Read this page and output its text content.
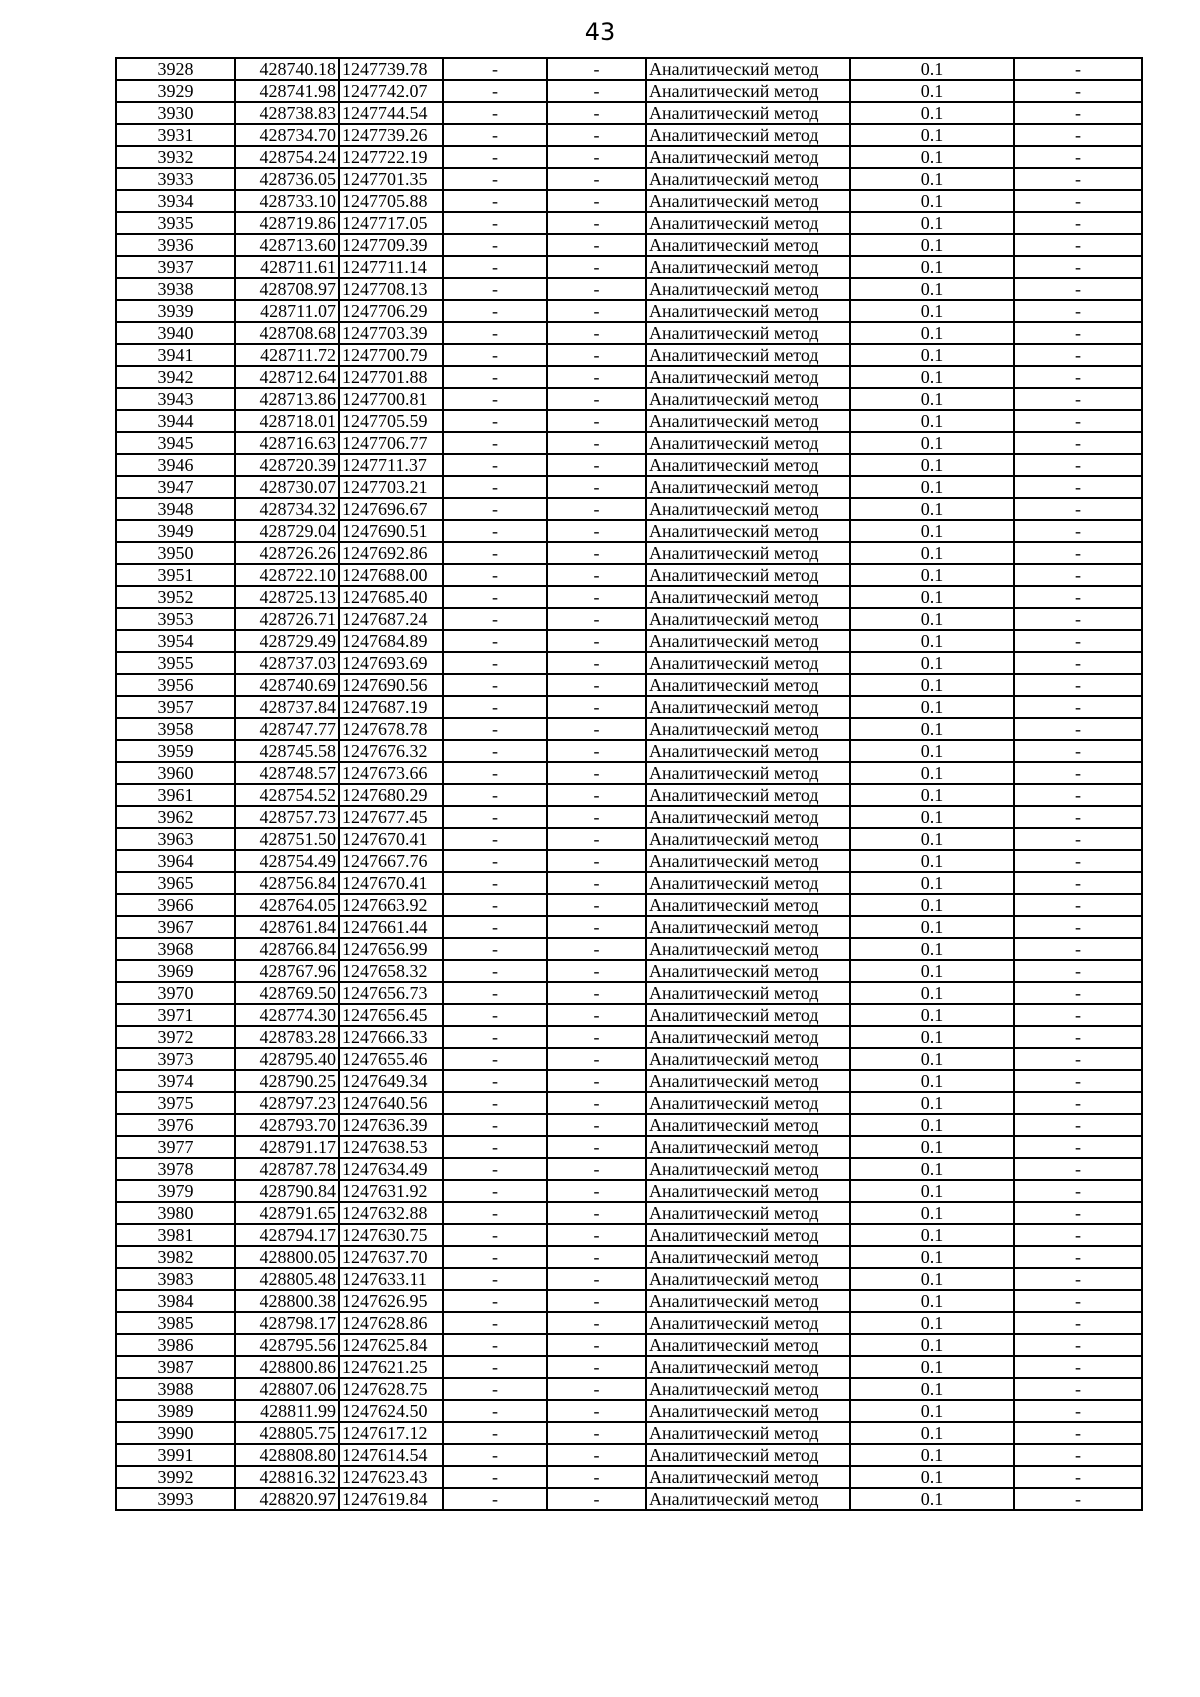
43
3928	428740.18	1247739.78	-	-	Аналитический метод	0.1	-
3929	428741.98	1247742.07	-	-	Аналитический метод	0.1	-
3930	428738.83	1247744.54	-	-	Аналитический метод	0.1	-
3931	428734.70	1247739.26	-	-	Аналитический метод	0.1	-
3932	428754.24	1247722.19	-	-	Аналитический метод	0.1	-
3933	428736.05	1247701.35	-	-	Аналитический метод	0.1	-
3934	428733.10	1247705.88	-	-	Аналитический метод	0.1	-
3935	428719.86	1247717.05	-	-	Аналитический метод	0.1	-
3936	428713.60	1247709.39	-	-	Аналитический метод	0.1	-
3937	428711.61	1247711.14	-	-	Аналитический метод	0.1	-
3938	428708.97	1247708.13	-	-	Аналитический метод	0.1	-
3939	428711.07	1247706.29	-	-	Аналитический метод	0.1	-
3940	428708.68	1247703.39	-	-	Аналитический метод	0.1	-
3941	428711.72	1247700.79	-	-	Аналитический метод	0.1	-
3942	428712.64	1247701.88	-	-	Аналитический метод	0.1	-
3943	428713.86	1247700.81	-	-	Аналитический метод	0.1	-
3944	428718.01	1247705.59	-	-	Аналитический метод	0.1	-
3945	428716.63	1247706.77	-	-	Аналитический метод	0.1	-
3946	428720.39	1247711.37	-	-	Аналитический метод	0.1	-
3947	428730.07	1247703.21	-	-	Аналитический метод	0.1	-
3948	428734.32	1247696.67	-	-	Аналитический метод	0.1	-
3949	428729.04	1247690.51	-	-	Аналитический метод	0.1	-
3950	428726.26	1247692.86	-	-	Аналитический метод	0.1	-
3951	428722.10	1247688.00	-	-	Аналитический метод	0.1	-
3952	428725.13	1247685.40	-	-	Аналитический метод	0.1	-
3953	428726.71	1247687.24	-	-	Аналитический метод	0.1	-
3954	428729.49	1247684.89	-	-	Аналитический метод	0.1	-
3955	428737.03	1247693.69	-	-	Аналитический метод	0.1	-
3956	428740.69	1247690.56	-	-	Аналитический метод	0.1	-
3957	428737.84	1247687.19	-	-	Аналитический метод	0.1	-
3958	428747.77	1247678.78	-	-	Аналитический метод	0.1	-
3959	428745.58	1247676.32	-	-	Аналитический метод	0.1	-
3960	428748.57	1247673.66	-	-	Аналитический метод	0.1	-
3961	428754.52	1247680.29	-	-	Аналитический метод	0.1	-
3962	428757.73	1247677.45	-	-	Аналитический метод	0.1	-
3963	428751.50	1247670.41	-	-	Аналитический метод	0.1	-
3964	428754.49	1247667.76	-	-	Аналитический метод	0.1	-
3965	428756.84	1247670.41	-	-	Аналитический метод	0.1	-
3966	428764.05	1247663.92	-	-	Аналитический метод	0.1	-
3967	428761.84	1247661.44	-	-	Аналитический метод	0.1	-
3968	428766.84	1247656.99	-	-	Аналитический метод	0.1	-
3969	428767.96	1247658.32	-	-	Аналитический метод	0.1	-
3970	428769.50	1247656.73	-	-	Аналитический метод	0.1	-
3971	428774.30	1247656.45	-	-	Аналитический метод	0.1	-
3972	428783.28	1247666.33	-	-	Аналитический метод	0.1	-
3973	428795.40	1247655.46	-	-	Аналитический метод	0.1	-
3974	428790.25	1247649.34	-	-	Аналитический метод	0.1	-
3975	428797.23	1247640.56	-	-	Аналитический метод	0.1	-
3976	428793.70	1247636.39	-	-	Аналитический метод	0.1	-
3977	428791.17	1247638.53	-	-	Аналитический метод	0.1	-
3978	428787.78	1247634.49	-	-	Аналитический метод	0.1	-
3979	428790.84	1247631.92	-	-	Аналитический метод	0.1	-
3980	428791.65	1247632.88	-	-	Аналитический метод	0.1	-
3981	428794.17	1247630.75	-	-	Аналитический метод	0.1	-
3982	428800.05	1247637.70	-	-	Аналитический метод	0.1	-
3983	428805.48	1247633.11	-	-	Аналитический метод	0.1	-
3984	428800.38	1247626.95	-	-	Аналитический метод	0.1	-
3985	428798.17	1247628.86	-	-	Аналитический метод	0.1	-
3986	428795.56	1247625.84	-	-	Аналитический метод	0.1	-
3987	428800.86	1247621.25	-	-	Аналитический метод	0.1	-
3988	428807.06	1247628.75	-	-	Аналитический метод	0.1	-
3989	428811.99	1247624.50	-	-	Аналитический метод	0.1	-
3990	428805.75	1247617.12	-	-	Аналитический метод	0.1	-
3991	428808.80	1247614.54	-	-	Аналитический метод	0.1	-
3992	428816.32	1247623.43	-	-	Аналитический метод	0.1	-
3993	428820.97	1247619.84	-	-	Аналитический метод	0.1	-
